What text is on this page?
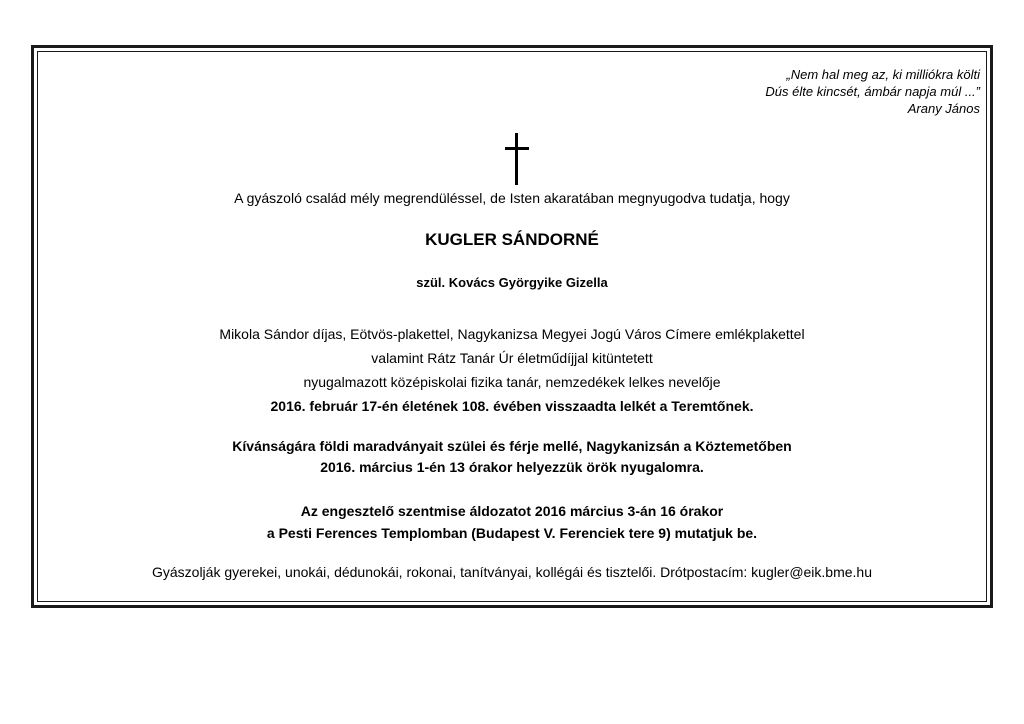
„Nem hal meg az, ki milliókra költi
Dús élte kincsét, ámbár napja múl ...”
Arany János
A gyászoló család mély megrendüléssel, de Isten akaratában megnyugodva tudatja, hogy
KUGLER SÁNDORNÉ
szül. Kovács Györgyike Gizella
Mikola Sándor díjas, Eötvös-plakettel, Nagykanizsa Megyei Jogú Város Címere emlékplakettel
valamint Rátz Tanár Úr életműdíjjal kitüntetett
nyugalmazott középiskolai fizika tanár, nemzedékek lelkes nevelője
2016. február 17-én életének 108. évében visszaadta lelkét a Teremtőnek.
Kívánságára földi maradványait szülei és férje mellé, Nagykanizsán a Köztemetőben
2016. március 1-én 13 órakor helyezzük örök nyugalomra.
Az engesztelő szentmise áldozatot 2016 március 3-án 16 órakor
a Pesti Ferences Templomban (Budapest V. Ferenciek tere 9) mutatjuk be.
Gyászolják gyerekei, unokái, dédunokái, rokonai, tanítványai, kollégái és tisztelői. Drótpostacím: kugler@eik.bme.hu
